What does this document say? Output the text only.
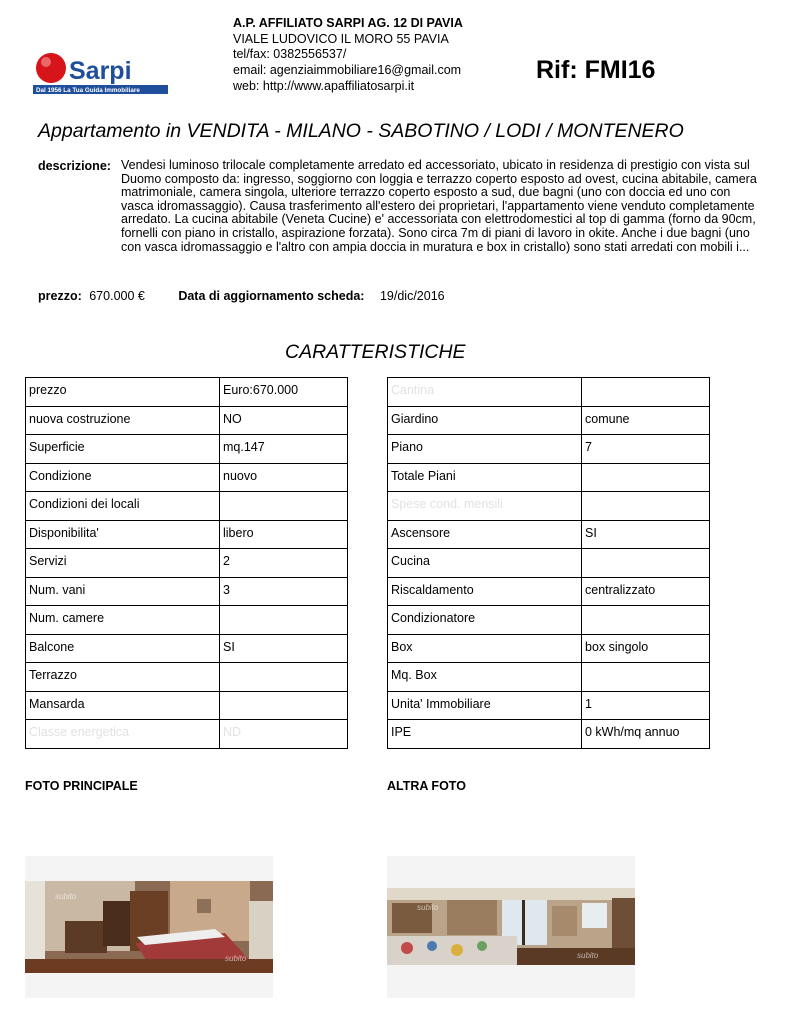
A.P. AFFILIATO SARPI AG. 12 DI PAVIA
VIALE LUDOVICO IL MORO 55 PAVIA
tel/fax: 0382556537/
email: agenziaimmobiliare16@gmail.com
web: http://www.apaffiliatosarpi.it
Sarpi
Dal 1956 La Tua Guida Immobiliare
Rif: FMI16
Appartamento in VENDITA - MILANO - SABOTINO / LODI / MONTENERO
descrizione: Vendesi luminoso trilocale completamente arredato ed accessoriato, ubicato in residenza di prestigio con vista sul Duomo composto da: ingresso, soggiorno con loggia e terrazzo coperto esposto ad ovest, cucina abitabile, camera matrimoniale, camera singola, ulteriore terrazzo coperto esposto a sud, due bagni (uno con doccia ed uno con vasca idromassaggio). Causa trasferimento all'estero dei proprietari, l'appartamento viene venduto completamente arredato. La cucina abitabile (Veneta Cucine) e' accessoriata con elettrodomestici al top di gamma (forno da 90cm, fornelli con piano in cristallo, aspirazione forzata). Sono circa 7m di piani di lavoro in okite. Anche i due bagni (uno con vasca idromassaggio e l'altro con ampia doccia in muratura e box in cristallo) sono stati arredati con mobili i...
prezzo: 670.000 €	Data di aggiornamento scheda: 19/dic/2016
CARATTERISTICHE
prezzo	Euro:670.000
nuova costruzione	NO
Superficie	mq.147
Condizione	nuovo
Condizioni dei locali	
Disponibilita'	libero
Servizi	2
Num. vani	3
Num. camere	
Balcone	SI
Terrazzo	
Mansarda	
Classe energetica	ND
Cantina	
Giardino	comune
Piano	7
Totale Piani	
Spese cond. mensili	
Ascensore	SI
Cucina	
Riscaldamento	centralizzato
Condizionatore	
Box	box singolo
Mq. Box	
Unita' Immobiliare	1
IPE	0 kWh/mq annuo
FOTO PRINCIPALE	ALTRA FOTO
subito
subito
subito
subito
